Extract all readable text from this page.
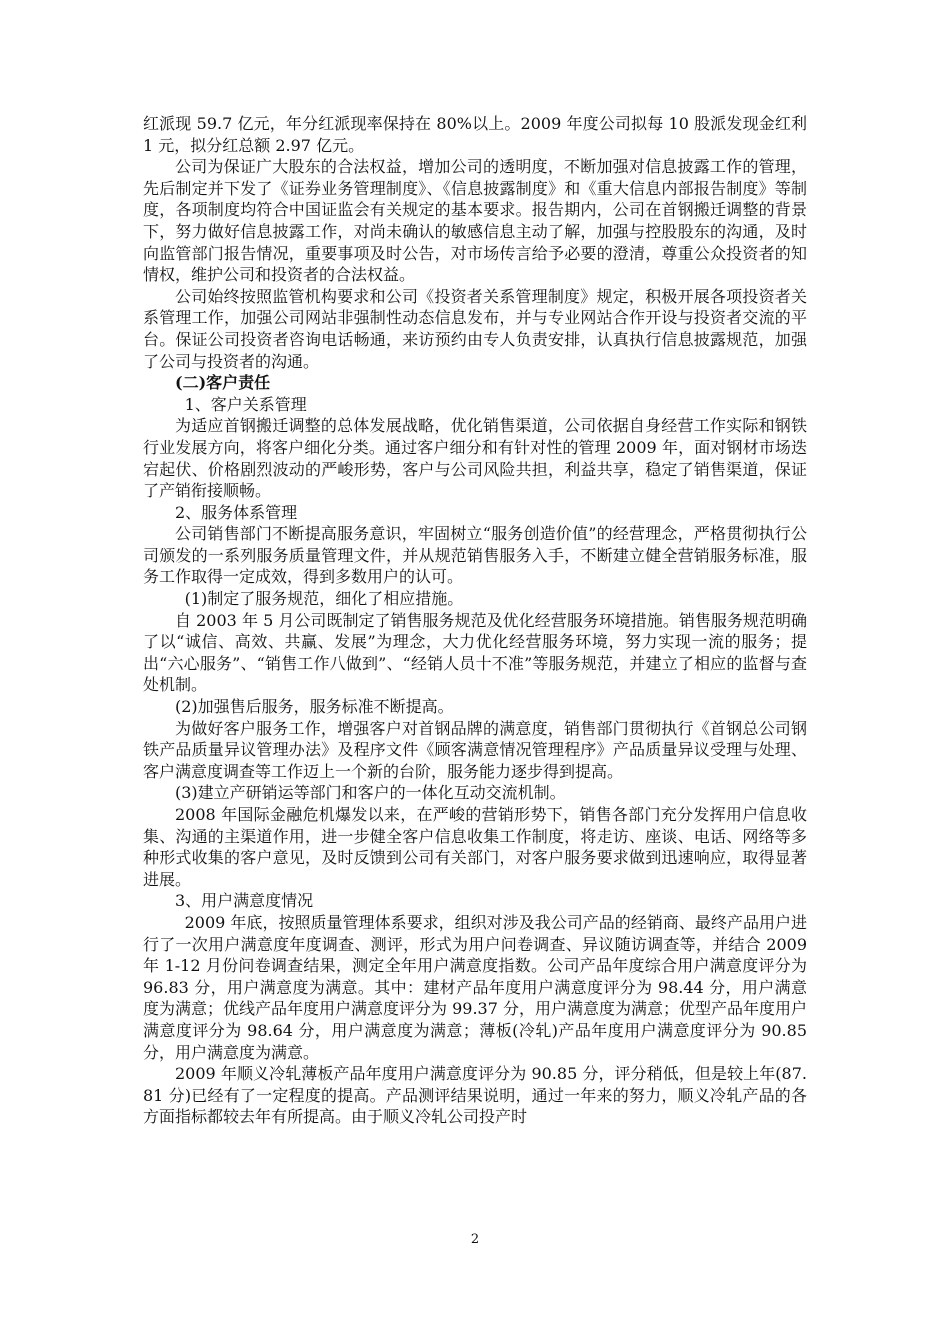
红派现 59.7 亿元，年分红派现率保持在 80%以上。2009 年度公司拟每 10 股派发现金红利 1 元，拟分红总额 2.97 亿元。

公司为保证广大股东的合法权益，增加公司的透明度，不断加强对信息披露工作的管理，先后制定并下发了《证券业务管理制度》、《信息披露制度》和《重大信息内部报告制度》等制度，各项制度均符合中国证监会有关规定的基本要求。报告期内，公司在首钢搬迁调整的背景下，努力做好信息披露工作，对尚未确认的敏感信息主动了解，加强与控股股东的沟通，及时向监管部门报告情况，重要事项及时公告，对市场传言给予必要的澄清，尊重公众投资者的知情权，维护公司和投资者的合法权益。

公司始终按照监管机构要求和公司《投资者关系管理制度》规定，积极开展各项投资者关系管理工作，加强公司网站非强制性动态信息发布，并与专业网站合作开设与投资者交流的平台。保证公司投资者咨询电话畅通，来访预约由专人负责安排，认真执行信息披露规范，加强了公司与投资者的沟通。

(二)客户责任

1、客户关系管理

为适应首钢搬迁调整的总体发展战略，优化销售渠道，公司依据自身经营工作实际和钢铁行业发展方向，将客户细化分类。通过客户细分和有针对性的管理 2009 年，面对钢材市场迭宕起伏、价格剧烈波动的严峻形势，客户与公司风险共担，利益共享，稳定了销售渠道，保证了产销衔接顺畅。

2、服务体系管理

公司销售部门不断提高服务意识，牢固树立“服务创造价值”的经营理念，严格贯彻执行公司颁发的一系列服务质量管理文件，并从规范销售服务入手，不断建立健全营销服务标准，服务工作取得一定成效，得到多数用户的认可。

(1)制定了服务规范，细化了相应措施。

自 2003 年 5 月公司既制定了销售服务规范及优化经营服务环境措施。销售服务规范明确了以“诚信、高效、共赢、发展”为理念，大力优化经营服务环境，努力实现一流的服务；提出“六心服务”、“销售工作八做到”、“经销人员十不准”等服务规范，并建立了相应的监督与查处机制。

(2)加强售后服务，服务标准不断提高。

为做好客户服务工作，增强客户对首钢品牌的满意度，销售部门贯彻执行《首钢总公司钢铁产品质量异议管理办法》及程序文件《顾客满意情况管理程序》产品质量异议受理与处理、客户满意度调查等工作迈上一个新的台阶，服务能力逐步得到提高。

(3)建立产研销运等部门和客户的一体化互动交流机制。

2008 年国际金融危机爆发以来，在严峻的营销形势下，销售各部门充分发挥用户信息收集、沟通的主渠道作用，进一步健全客户信息收集工作制度，将走访、座谈、电话、网络等多种形式收集的客户意见，及时反馈到公司有关部门，对客户服务要求做到迅速响应，取得显著进展。

3、用户满意度情况

2009 年底，按照质量管理体系要求，组织对涉及我公司产品的经销商、最终产品用户进行了一次用户满意度年度调查、测评，形式为用户问卷调查、异议随访调查等，并结合 2009 年 1-12 月份问卷调查结果，测定全年用户满意度指数。公司产品年度综合用户满意度评分为 96.83 分，用户满意度为满意。其中：建材产品年度用户满意度评分为 98.44 分，用户满意度为满意；优线产品年度用户满意度评分为 99.37 分，用户满意度为满意；优型产品年度用户满意度评分为 98.64 分，用户满意度为满意；薄板(冷轧)产品年度用户满意度评分为 90.85 分，用户满意度为满意。

2009 年顺义冷轧薄板产品年度用户满意度评分为 90.85 分，评分稍低，但是较上年(87.81 分)已经有了一定程度的提高。产品测评结果说明，通过一年来的努力，顺义冷轧产品的各方面指标都较去年有所提高。由于顺义冷轧公司投产时

2
